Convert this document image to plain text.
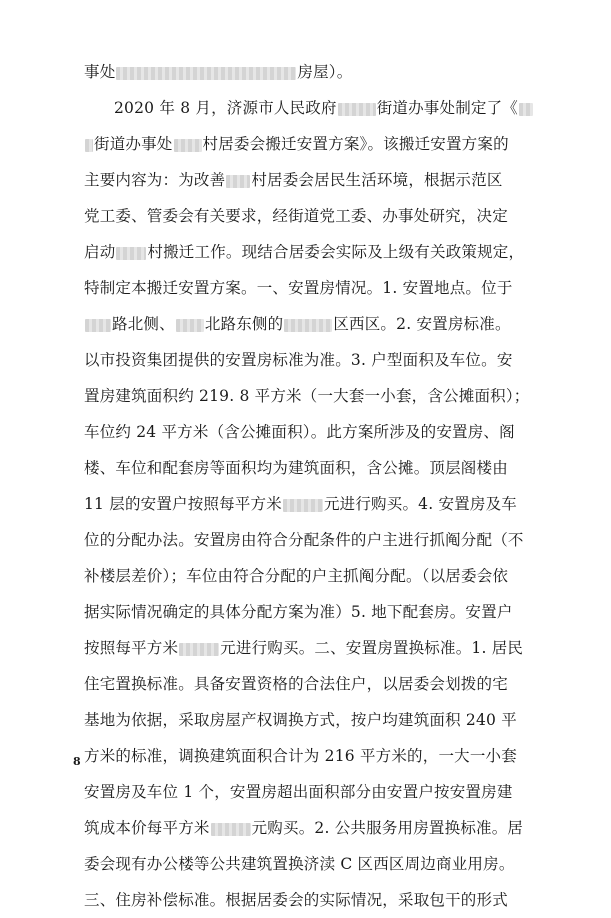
事处	房屋）。
2020 年 8 月，济源市人民政府	街道办事处制定了《
街道办事处 村居委会搬迁安置方案》。该搬迁安置方案的
主要内容为：为改善 村居委会居民生活环境，根据示范区
党工委、管委会有关要求，经街道党工委、办事处研究，决定
启动 村搬迁工作。现结合居委会实际及上级有关政策规定，
特制定本搬迁安置方案。一、安置房情况。1. 安置地点。位于
路北侧、 北路东侧的	区西区。2. 安置房标准。
以市投资集团提供的安置房标准为准。3. 户型面积及车位。安
置房建筑面积约 219. 8 平方米（一大套一小套，含公摊面积）；
车位约 24 平方米（含公摊面积）。此方案所涉及的安置房、阁
楼、车位和配套房等面积均为建筑面积，含公摊。顶层阁楼由
11 层的安置户按照每平方米	元进行购买。4. 安置房及车
位的分配办法。安置房由符合分配条件的户主进行抓阄分配（不
补楼层差价）；车位由符合分配的户主抓阄分配。（以居委会依
据实际情况确定的具体分配方案为准）5. 地下配套房。安置户
按照每平方米	元进行购买。二、安置房置换标准。1. 居民
住宅置换标准。具备安置资格的合法住户，以居委会划拨的宅
基地为依据，采取房屋产权调换方式，按户均建筑面积 240 平
方米的标准，调换建筑面积合计为 216 平方米的，一大一小套
安置房及车位 1 个，安置房超出面积部分由安置户按安置房建
筑成本价每平方米	元购买。2. 公共服务用房置换标准。居
委会现有办公楼等公共建筑置换济渎 C 区西区周边商业用房。
三、住房补偿标准。根据居委会的实际情况，采取包干的形式
8
